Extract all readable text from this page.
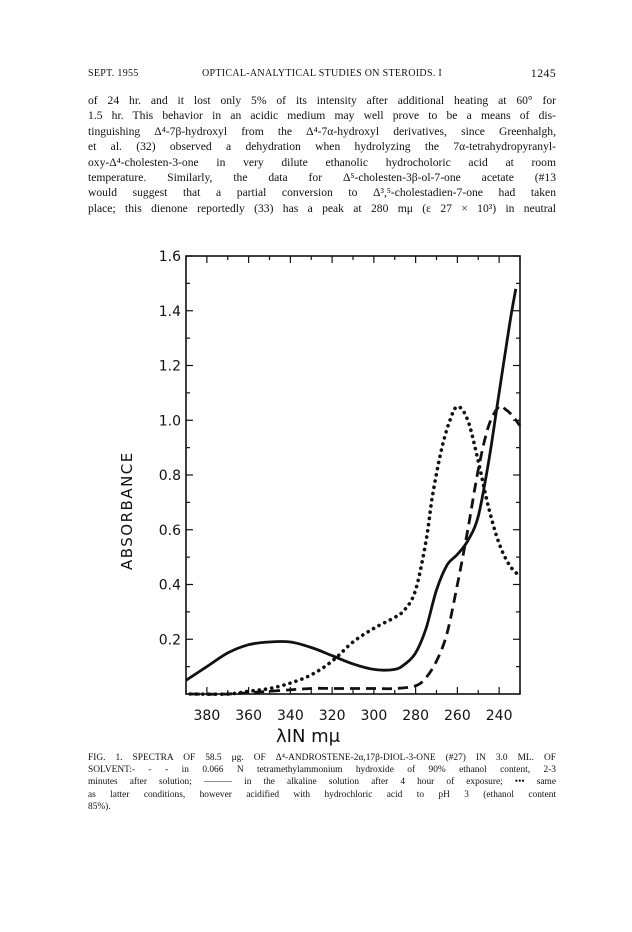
SEPT. 1955	OPTICAL-ANALYTICAL STUDIES ON STEROIDS. I	1245
of 24 hr. and it lost only 5% of its intensity after additional heating at 60° for
1.5 hr. This behavior in an acidic medium may well prove to be a means of dis-
tinguishing Δ⁴-7β-hydroxyl from the Δ⁴-7α-hydroxyl derivatives, since Greenhalgh,
et al. (32) observed a dehydration when hydrolyzing the 7α-tetrahydropyranyl-
oxy-Δ⁴-cholesten-3-one in very dilute ethanolic hydrocholoric acid at room
temperature. Similarly, the data for Δ⁵-cholesten-3β-ol-7-one acetate (#13
would suggest that a partial conversion to Δ³,⁵-cholestadien-7-one had taken
place; this dienone reportedly (33) has a peak at 280 mμ (ε 27 × 10³) in neutral
0.2
0.4
0.6
0.8
1.0
1.2
1.4
1.6
380 360 340 320 300 280 260 240
ABSORBANCE
λIN mμ
FIG. 1. SPECTRA OF 58.5 μg. OF Δ⁴-ANDROSTENE-2α,17β-DIOL-3-ONE (#27) IN 3.0 ML. OF
SOLVENT:- - - in 0.066 N tetramethylammonium hydroxide of 90% ethanol content, 2-3
minutes after solution; ——— in the alkaline solution after 4 hour of exposure; ••• same
as latter conditions, however acidified with hydrochloric acid to pH 3 (ethanol content
85%).
